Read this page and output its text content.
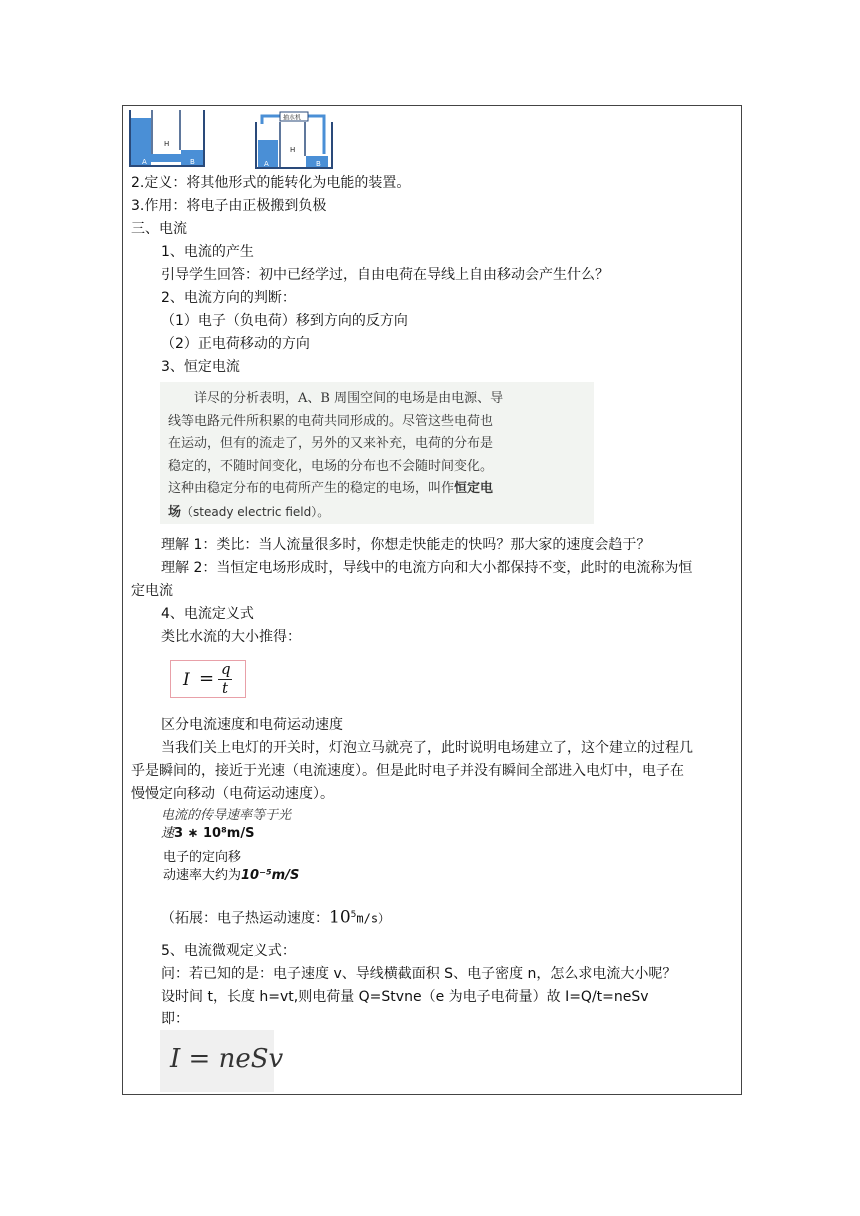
A
H
B
抽水机
A
H
B
2.定义：将其他形式的能转化为电能的装置。
3.作用：将电子由正极搬到负极
三、电流
1、电流的产生
引导学生回答：初中已经学过，自由电荷在导线上自由移动会产生什么？
2、电流方向的判断：
（1）电子（负电荷）移到方向的反方向
（2）正电荷移动的方向
3、恒定电流

详尽的分析表明，A、B 周围空间的电场是由电源、导

线等电路元件所积累的电荷共同形成的。尽管这些电荷也

在运动，但有的流走了，另外的又来补充，电荷的分布是

稳定的，不随时间变化，电场的分布也不会随时间变化。

这种由稳定分布的电荷所产生的稳定的电场，叫作恒定电

场（steady electric field）。

理解 1：类比：当人流量很多时，你想走快能走的快吗？那大家的速度会趋于？
理解 2：当恒定电场形成时，导线中的电流方向和大小都保持不变，此时的电流称为恒
定电流
4、电流定义式
类比水流的大小推得：
I = q
t
区分电流速度和电荷运动速度
当我们关上电灯的开关时，灯泡立马就亮了，此时说明电场建立了，这个建立的过程几
乎是瞬间的，接近于光速（电流速度）。但是此时电子并没有瞬间全部进入电灯中，电子在
慢慢定向移动（电荷运动速度）。
电流的传导速率等于光
速3 ∗ 10⁸m/S
电子的定向移
动速率大约为10⁻⁵m/S
（拓展：电子热运动速度：$10^5m/s$）
5、电流微观定义式：
问：若已知的是：电子速度 v、导线横截面积 S、电子密度 n，怎么求电流大小呢？
设时间 t，长度 h=vt,则电荷量 Q=Stvne（e 为电子电荷量）故 I=Q/t=neSv
即：
I = neSv
